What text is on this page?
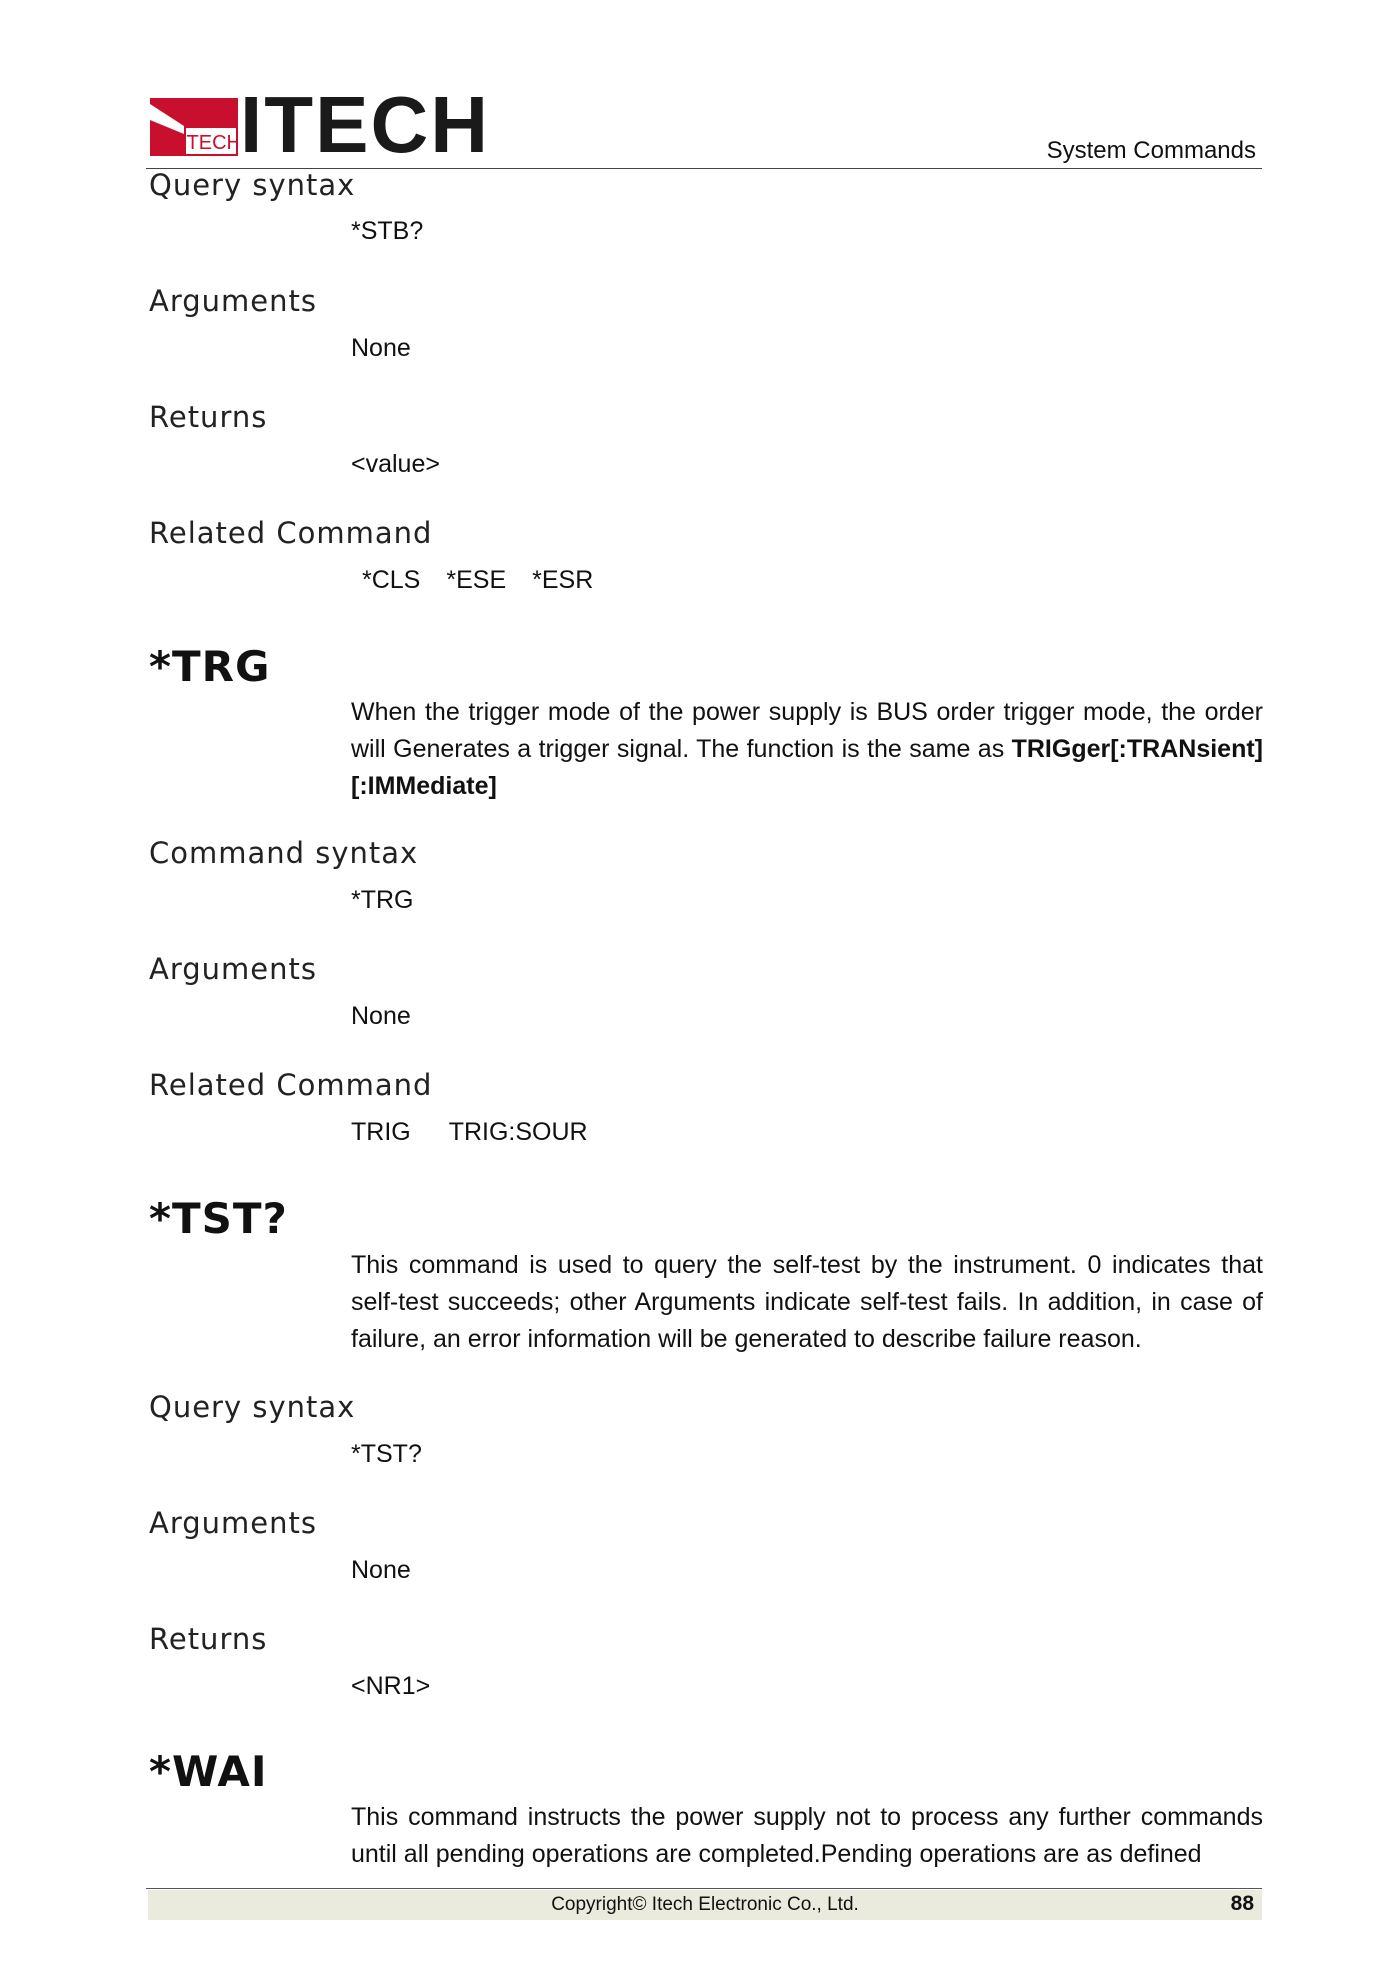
ITECH ITECH	System Commands
Query syntax
*STB?
Arguments
None
Returns
<value>
Related Command
*CLS *ESE *ESR
*TRG

When the trigger mode of the power supply is BUS order trigger mode, the order will Generates a trigger signal. The function is the same as TRIGger[:TRANsient][:IMMediate]

Command syntax
*TRG
Arguments
None
Related Command
TRIG TRIG:SOUR
*TST?

This command is used to query the self-test by the instrument. 0 indicates that self-test succeeds; other Arguments indicate self-test fails. In addition, in case of failure, an error information will be generated to describe failure reason.

Query syntax
*TST?
Arguments
None
Returns
<NR1>
*WAI

This command instructs the power supply not to process any further commands until all pending operations are completed.Pending operations are as defined

Copyright© Itech Electronic Co., Ltd.	88
